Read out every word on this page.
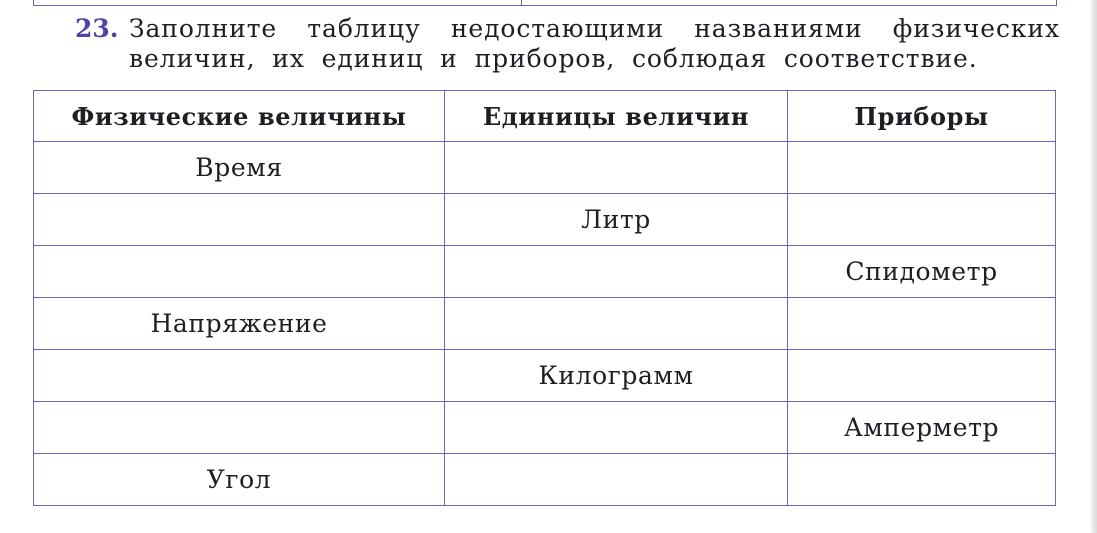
23. Заполните таблицу недостающими названиями физических
величин, их единиц и приборов, соблюдая соответствие.
Физические величины	Единицы величин	Приборы
Время		
	Литр	
		Спидометр
Напряжение		
	Килограмм	
		Амперметр
Угол		
